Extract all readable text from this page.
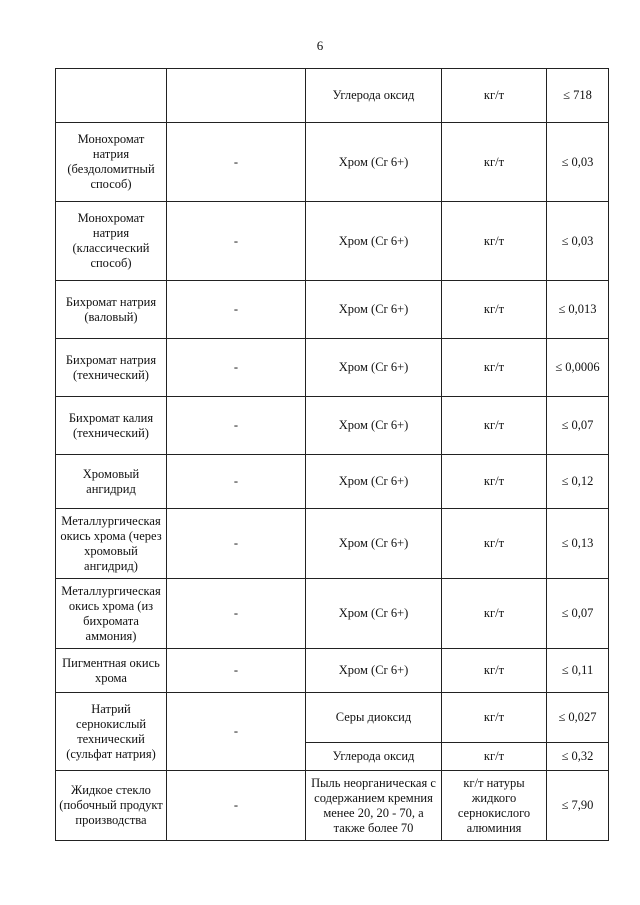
6
		Углерода оксид	кг/т	≤ 718
Монохромат натрия (бездоломитный способ)	-	Хром (Cr 6+)	кг/т	≤ 0,03
Монохромат натрия (классический способ)	-	Хром (Cr 6+)	кг/т	≤ 0,03
Бихромат натрия (валовый)	-	Хром (Cr 6+)	кг/т	≤ 0,013
Бихромат натрия (технический)	-	Хром (Cr 6+)	кг/т	≤ 0,0006
Бихромат калия (технический)	-	Хром (Cr 6+)	кг/т	≤ 0,07
Хромовый ангидрид	-	Хром (Cr 6+)	кг/т	≤ 0,12
Металлургическая окись хрома (через хромовый ангидрид)	-	Хром (Cr 6+)	кг/т	≤ 0,13
Металлургическая окись хрома (из бихромата аммония)	-	Хром (Cr 6+)	кг/т	≤ 0,07
Пигментная окись хрома	-	Хром (Cr 6+)	кг/т	≤ 0,11
Натрий сернокислый технический (сульфат натрия)	-	Серы диоксид	кг/т	≤ 0,027
		Углерода оксид	кг/т	≤ 0,32
Жидкое стекло (побочный продукт производства	-	Пыль неорганическая с содержанием кремния менее 20, 20 - 70, а также более 70	кг/т натуры жидкого сернокислого алюминия	≤ 7,90
